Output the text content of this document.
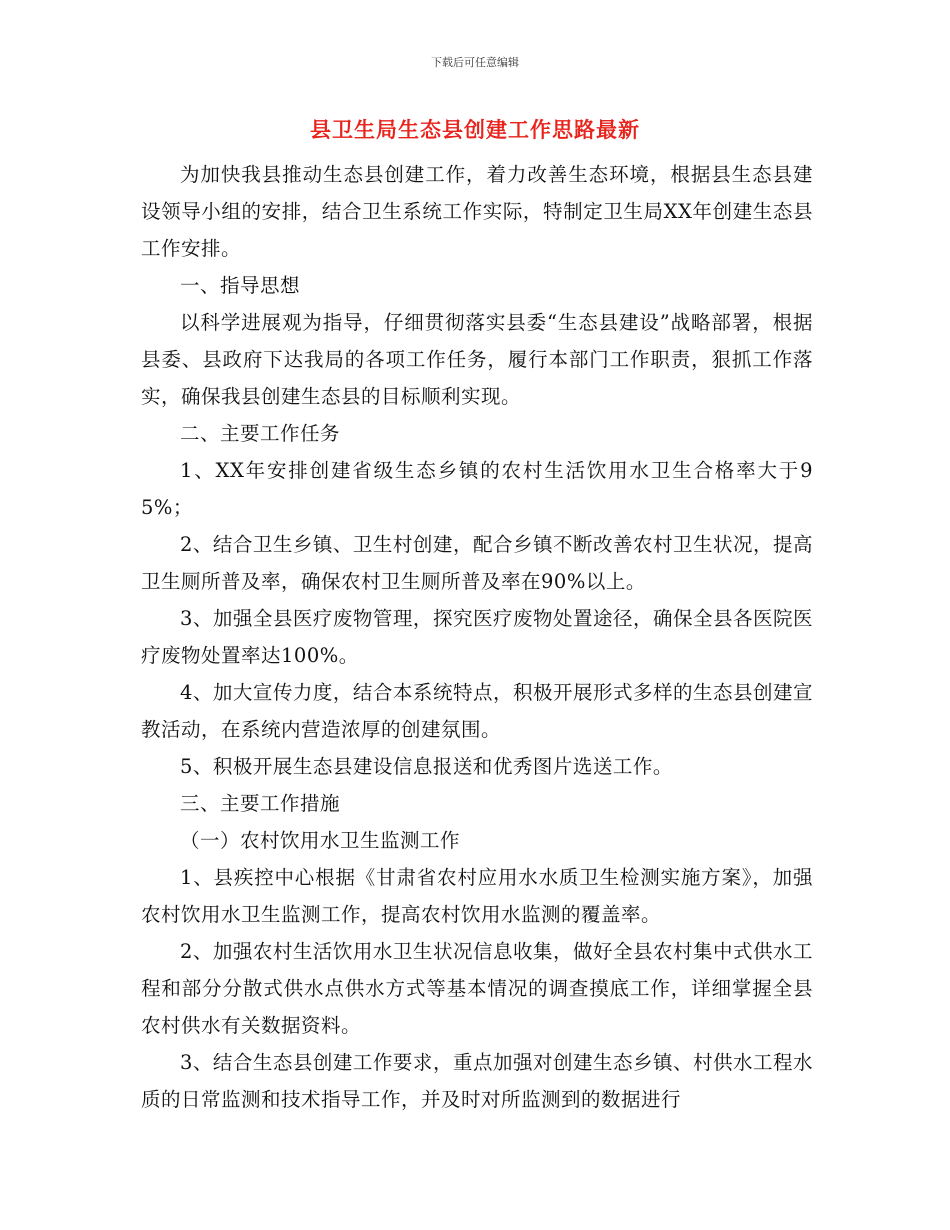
下载后可任意编辑
县卫生局生态县创建工作思路最新

为加快我县推动生态县创建工作，着力改善生态环境，根据县生态县建设领导小组的安排，结合卫生系统工作实际，特制定卫生局XX年创建生态县工作安排。

一、指导思想

以科学进展观为指导，仔细贯彻落实县委“生态县建设”战略部署，根据县委、县政府下达我局的各项工作任务，履行本部门工作职责，狠抓工作落实，确保我县创建生态县的目标顺利实现。

二、主要工作任务

1、XX年安排创建省级生态乡镇的农村生活饮用水卫生合格率大于95%；

2、结合卫生乡镇、卫生村创建，配合乡镇不断改善农村卫生状况，提高卫生厕所普及率，确保农村卫生厕所普及率在90%以上。

3、加强全县医疗废物管理，探究医疗废物处置途径，确保全县各医院医疗废物处置率达100%。

4、加大宣传力度，结合本系统特点，积极开展形式多样的生态县创建宣教活动，在系统内营造浓厚的创建氛围。

5、积极开展生态县建设信息报送和优秀图片选送工作。

三、主要工作措施

（一）农村饮用水卫生监测工作

1、县疾控中心根据《甘肃省农村应用水水质卫生检测实施方案》，加强农村饮用水卫生监测工作，提高农村饮用水监测的覆盖率。

2、加强农村生活饮用水卫生状况信息收集，做好全县农村集中式供水工程和部分分散式供水点供水方式等基本情况的调查摸底工作，详细掌握全县农村供水有关数据资料。

3、结合生态县创建工作要求，重点加强对创建生态乡镇、村供水工程水质的日常监测和技术指导工作，并及时对所监测到的数据进行
